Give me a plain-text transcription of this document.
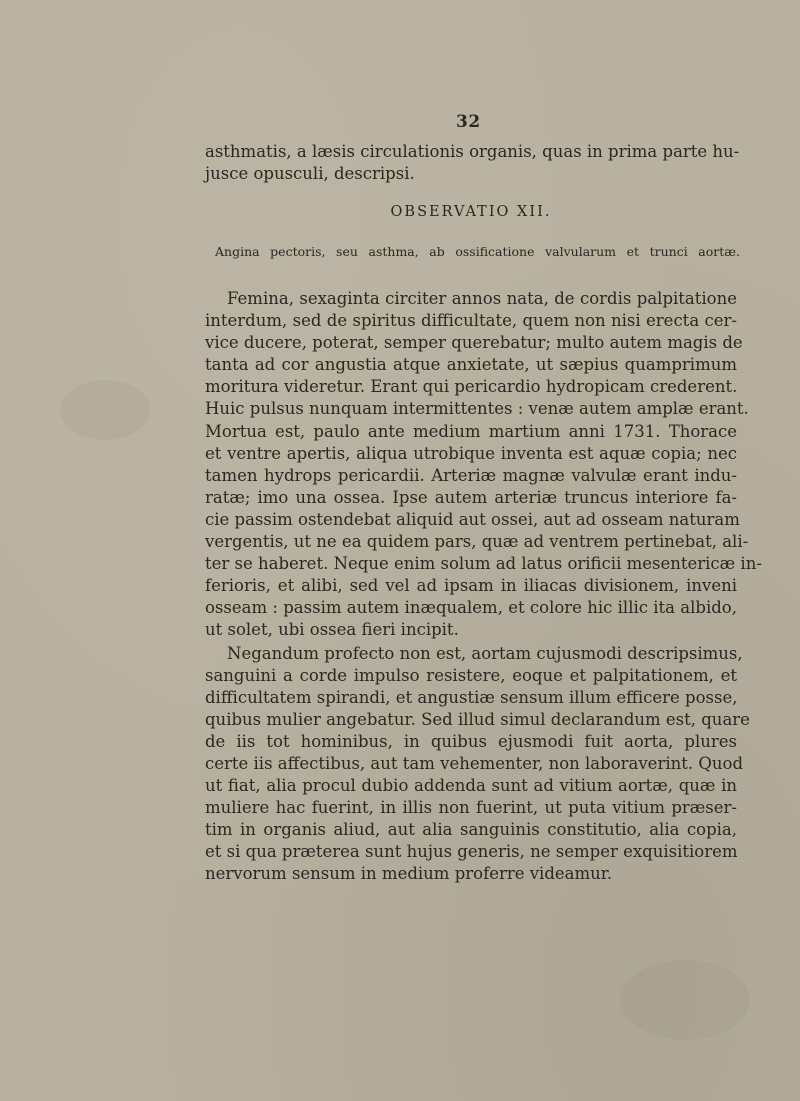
32
asthmatis, a læsis circulationis organis, quas in prima parte hu-
jusce opusculi, descripsi.
OBSERVATIO XII.
Angina pectoris, seu asthma, ab ossificatione valvularum et trunci aortæ.
Femina, sexaginta circiter annos nata, de cordis palpitatione
interdum, sed de spiritus difficultate, quem non nisi erecta cer-
vice ducere, poterat, semper querebatur; multo autem magis de
tanta ad cor angustia atque anxietate, ut sæpius quamprimum
moritura videretur. Erant qui pericardio hydropicam crederent.
Huic pulsus nunquam intermittentes : venæ autem amplæ erant.
Mortua est, paulo ante medium martium anni 1731. Thorace
et ventre apertis, aliqua utrobique inventa est aquæ copia; nec
tamen hydrops pericardii. Arteriæ magnæ valvulæ erant indu-
ratæ; imo una ossea. Ipse autem arteriæ truncus interiore fa-
cie passim ostendebat aliquid aut ossei, aut ad osseam naturam
vergentis, ut ne ea quidem pars, quæ ad ventrem pertinebat, ali-
ter se haberet. Neque enim solum ad latus orificii mesentericæ in-
ferioris, et alibi, sed vel ad ipsam in iliacas divisionem, inveni
osseam : passim autem inæqualem, et colore hic illic ita albido,
ut solet, ubi ossea fieri incipit.
Negandum profecto non est, aortam cujusmodi descripsimus,
sanguini a corde impulso resistere, eoque et palpitationem, et
difficultatem spirandi, et angustiæ sensum illum efficere posse,
quibus mulier angebatur. Sed illud simul declarandum est, quare
de iis tot hominibus, in quibus ejusmodi fuit aorta, plures
certe iis affectibus, aut tam vehementer, non laboraverint. Quod
ut fiat, alia procul dubio addenda sunt ad vitium aortæ, quæ in
muliere hac fuerint, in illis non fuerint, ut puta vitium præser-
tim in organis aliud, aut alia sanguinis constitutio, alia copia,
et si qua præterea sunt hujus generis, ne semper exquisitiorem
nervorum sensum in medium proferre videamur.
